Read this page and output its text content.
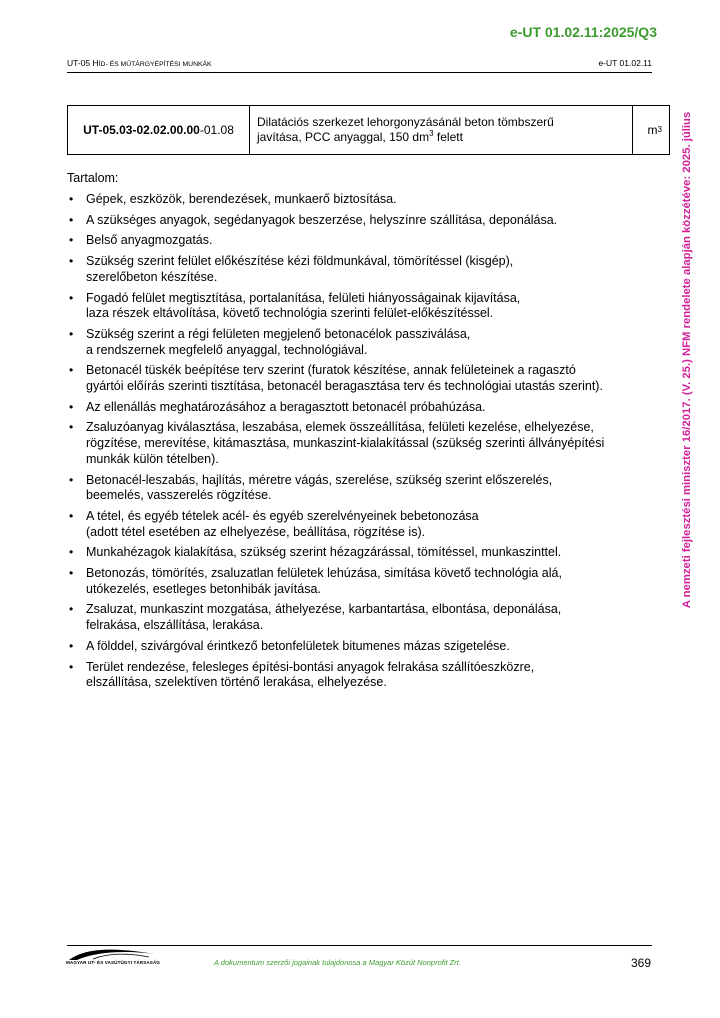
e-UT 01.02.11:2025/Q3
UT-05 HÍD- ÉS MŰTÁRGYÉPÍTÉSI MUNKÁK	e-UT 01.02.11
UT-05.03-02.02.00.00 -01.08
Dilatációs szerkezet lehorgonyzásánál beton tömbszerű
javítása, PCC anyaggal, 150 $dm^3$ felett	m 3
Tartalom:
• Gépek, eszközök, berendezések, munkaerő biztosítása.
• A szükséges anyagok, segédanyagok beszerzése, helyszínre szállítása, deponálása.
• Belső anyagmozgatás.
• Szükség szerint felület előkészítése kézi földmunkával, tömörítéssel (kisgép),
szerelőbeton készítése.
• Fogadó felület megtisztítása, portalanítása, felületi hiányosságainak kijavítása,
laza részek eltávolítása, követő technológia szerinti felület-előkészítéssel.
• Szükség szerint a régi felületen megjelenő betonacélok passziválása,
a rendszernek megfelelő anyaggal, technológiával.
• Betonacél tüskék beépítése terv szerint (furatok készítése, annak felületeinek a ragasztó
gyártói előírás szerinti tisztítása, betonacél beragasztása terv és technológiai utastás szerint).
• Az ellenállás meghatározásához a beragasztott betonacél próbahúzása.
• Zsaluzóanyag kiválasztása, leszabása, elemek összeállítása, felületi kezelése, elhelyezése,
rögzítése, merevítése, kitámasztása, munkaszint-kialakítással (szükség szerinti állványépítési
munkák külön tételben).
• Betonacél-leszabás, hajlítás, méretre vágás, szerelése, szükség szerint előszerelés,
beemelés, vasszerelés rögzítése.
• A tétel, és egyéb tételek acél- és egyéb szerelvényeinek bebetonozása
(adott tétel esetében az elhelyezése, beállítása, rögzítése is).
• Munkahézagok kialakítása, szükség szerint hézagzárással, tömítéssel, munkaszinttel.
• Betonozás, tömörítés, zsaluzatlan felületek lehúzása, simítása követő technológia alá,
utókezelés, esetleges betonhibák javítása.
• Zsaluzat, munkaszint mozgatása, áthelyezése, karbantartása, elbontása, deponálása,
felrakása, elszállítása, lerakása.
• A földdel, szivárgóval érintkező betonfelületek bitumenes mázas szigetelése.
• Terület rendezése, felesleges építési-bontási anyagok felrakása szállítóeszközre,
elszállítása, szelektíven történő lerakása, elhelyezése.
A nemzeti fejlesztési miniszter 16/2017. (V. 25.) NFM rendelete alapján közzétéve: 2025. július
MAGYAR UT- ÉS VASÚTÜGYI TÁRSASÁG	A dokumentum szerzői jogainak tulajdonosa a Magyar Közút Nonprofit Zrt.	369
